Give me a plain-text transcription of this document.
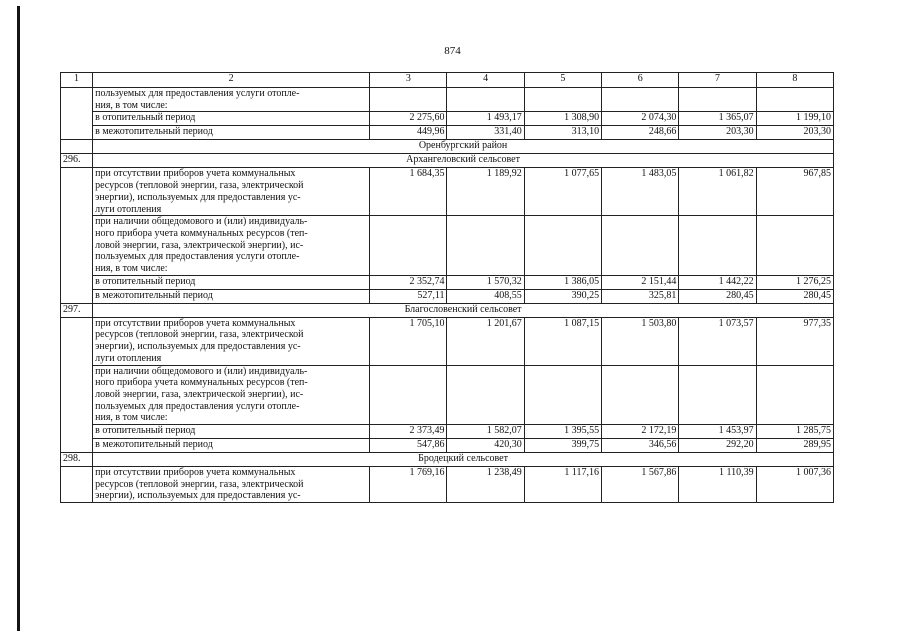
874
1	2	3	4	5	6	7	8

	пользуемых для предоставления услуги отопле-
ния, в том числе:						

	в отопительный период	2 275,60	1 493,17	1 308,90	2 074,30	1 365,07	1 199,10
	в межотопительный период	449,96	331,40	313,10	248,66	203,30	203,30
	Оренбургский район						
296.	Архангеловский сельсовет						

	при отсутствии приборов учета коммунальных
ресурсов (тепловой энергии, газа, электрической
энергии), используемых для предоставления ус-
луги отопления	1 684,35	1 189,92	1 077,65	1 483,05	1 061,82	967,85

	при наличии общедомового и (или) индивидуаль-
ного прибора учета коммунальных ресурсов (теп-
ловой энергии, газа, электрической энергии), ис-
пользуемых для предоставления услуги отопле-
ния, в том числе:						

	в отопительный период	2 352,74	1 570,32	1 386,05	2 151,44	1 442,22	1 276,25
	в межотопительный период	527,11	408,55	390,25	325,81	280,45	280,45
297.	Благословенский сельсовет						

	при отсутствии приборов учета коммунальных
ресурсов (тепловой энергии, газа, электрической
энергии), используемых для предоставления ус-
луги отопления	1 705,10	1 201,67	1 087,15	1 503,80	1 073,57	977,35

	при наличии общедомового и (или) индивидуаль-
ного прибора учета коммунальных ресурсов (теп-
ловой энергии, газа, электрической энергии), ис-
пользуемых для предоставления услуги отопле-
ния, в том числе:						

	в отопительный период	2 373,49	1 582,07	1 395,55	2 172,19	1 453,97	1 285,75
	в межотопительный период	547,86	420,30	399,75	346,56	292,20	289,95
298.	Бродецкий сельсовет						

	при отсутствии приборов учета коммунальных
ресурсов (тепловой энергии, газа, электрической
энергии), используемых для предоставления ус-	1 769,16	1 238,49	1 117,16	1 567,86	1 110,39	1 007,36
